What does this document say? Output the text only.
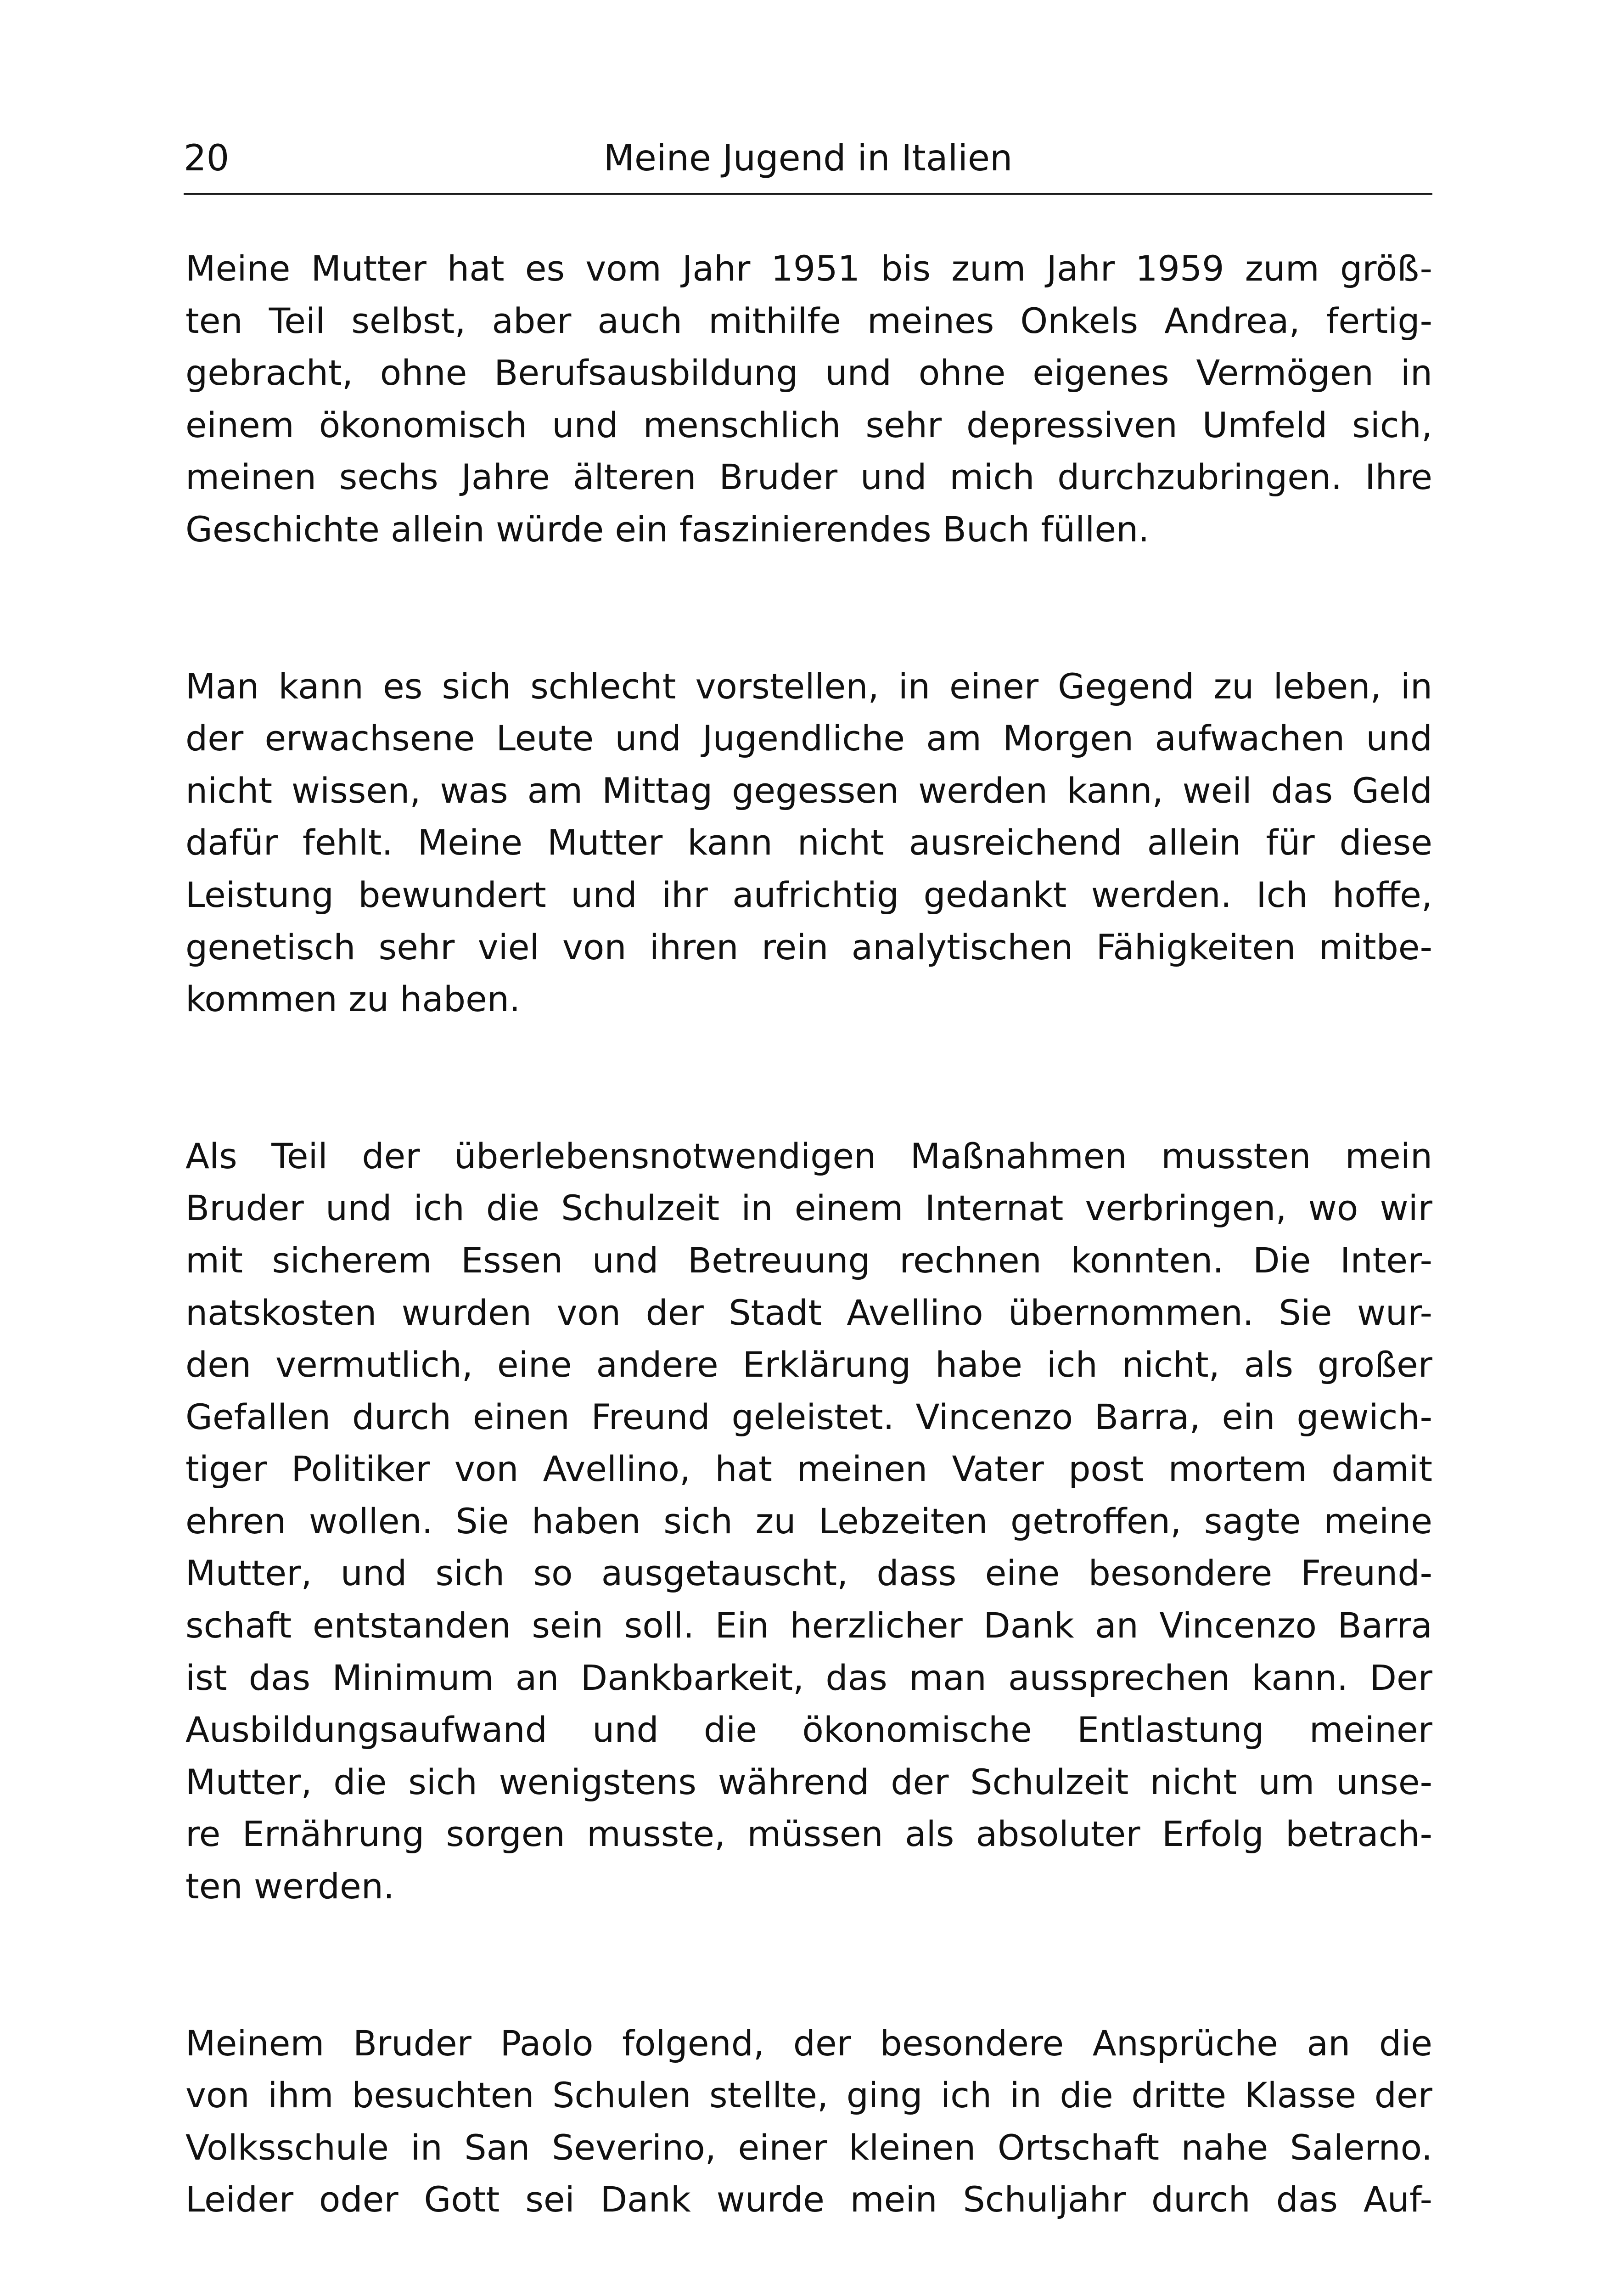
20	Meine Jugend in Italien
Meine Mutter hat es vom Jahr 1951 bis zum Jahr 1959 zum größ-
ten Teil selbst, aber auch mithilfe meines Onkels Andrea, fertig-
gebracht, ohne Berufsausbildung und ohne eigenes Vermögen in
einem ökonomisch und menschlich sehr depressiven Umfeld sich,
meinen sechs Jahre älteren Bruder und mich durchzubringen. Ihre
Geschichte allein würde ein faszinierendes Buch füllen.
Man kann es sich schlecht vorstellen, in einer Gegend zu leben, in
der erwachsene Leute und Jugendliche am Morgen aufwachen und
nicht wissen, was am Mittag gegessen werden kann, weil das Geld
dafür fehlt. Meine Mutter kann nicht ausreichend allein für diese
Leistung bewundert und ihr aufrichtig gedankt werden. Ich hoffe,
genetisch sehr viel von ihren rein analytischen Fähigkeiten mitbe-
kommen zu haben.
Als Teil der überlebensnotwendigen Maßnahmen mussten mein
Bruder und ich die Schulzeit in einem Internat verbringen, wo wir
mit sicherem Essen und Betreuung rechnen konnten. Die Inter-
natskosten wurden von der Stadt Avellino übernommen. Sie wur-
den vermutlich, eine andere Erklärung habe ich nicht, als großer
Gefallen durch einen Freund geleistet. Vincenzo Barra, ein gewich-
tiger Politiker von Avellino, hat meinen Vater post mortem damit
ehren wollen. Sie haben sich zu Lebzeiten getroffen, sagte meine
Mutter, und sich so ausgetauscht, dass eine besondere Freund-
schaft entstanden sein soll. Ein herzlicher Dank an Vincenzo Barra
ist das Minimum an Dankbarkeit, das man aussprechen kann. Der
Ausbildungsaufwand und die ökonomische Entlastung meiner
Mutter, die sich wenigstens während der Schulzeit nicht um unse-
re Ernährung sorgen musste, müssen als absoluter Erfolg betrach-
ten werden.
Meinem Bruder Paolo folgend, der besondere Ansprüche an die
von ihm besuchten Schulen stellte, ging ich in die dritte Klasse der
Volksschule in San Severino, einer kleinen Ortschaft nahe Salerno.
Leider oder Gott sei Dank wurde mein Schuljahr durch das Auf-
